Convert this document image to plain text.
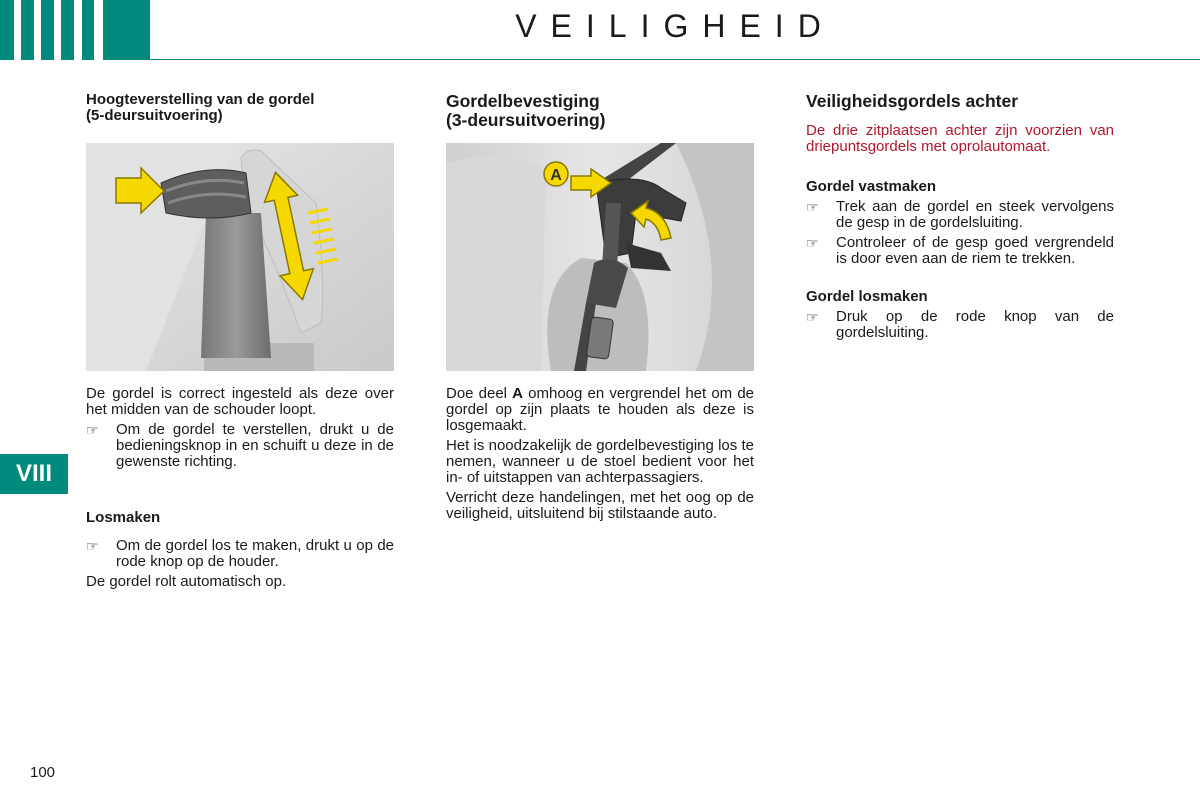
VEILIGHEID
VIII
100
Hoogteverstelling van de gordel
(5-deursuitvoering)

De gordel is correct ingesteld als deze over het midden van de schouder loopt.

☞ Om de gordel te verstellen, drukt u de bedieningsknop in en schuift u deze in de gewenste richting.
Losmaken
☞ Om de gordel los te maken, drukt u op de rode knop op de houder.

De gordel rolt automatisch op.

Gordelbevestiging
(3-deursuitvoering)
A

Doe deel A omhoog en vergrendel het om de gordel op zijn plaats te houden als deze is losgemaakt.

Het is noodzakelijk de gordelbevestiging los te nemen, wanneer u de stoel bedient voor het in- of uitstappen van achterpassagiers.

Verricht deze handelingen, met het oog op de veiligheid, uitsluitend bij stilstaande auto.

Veiligheidsgordels achter

De drie zitplaatsen achter zijn voorzien van driepuntsgordels met oprolautomaat.

Gordel vastmaken
☞ Trek aan de gordel en steek vervolgens de gesp in de gordelsluiting.
☞ Controleer of de gesp goed vergrendeld is door even aan de riem te trekken.
Gordel losmaken
☞ Druk op de rode knop van de gordelsluiting.
